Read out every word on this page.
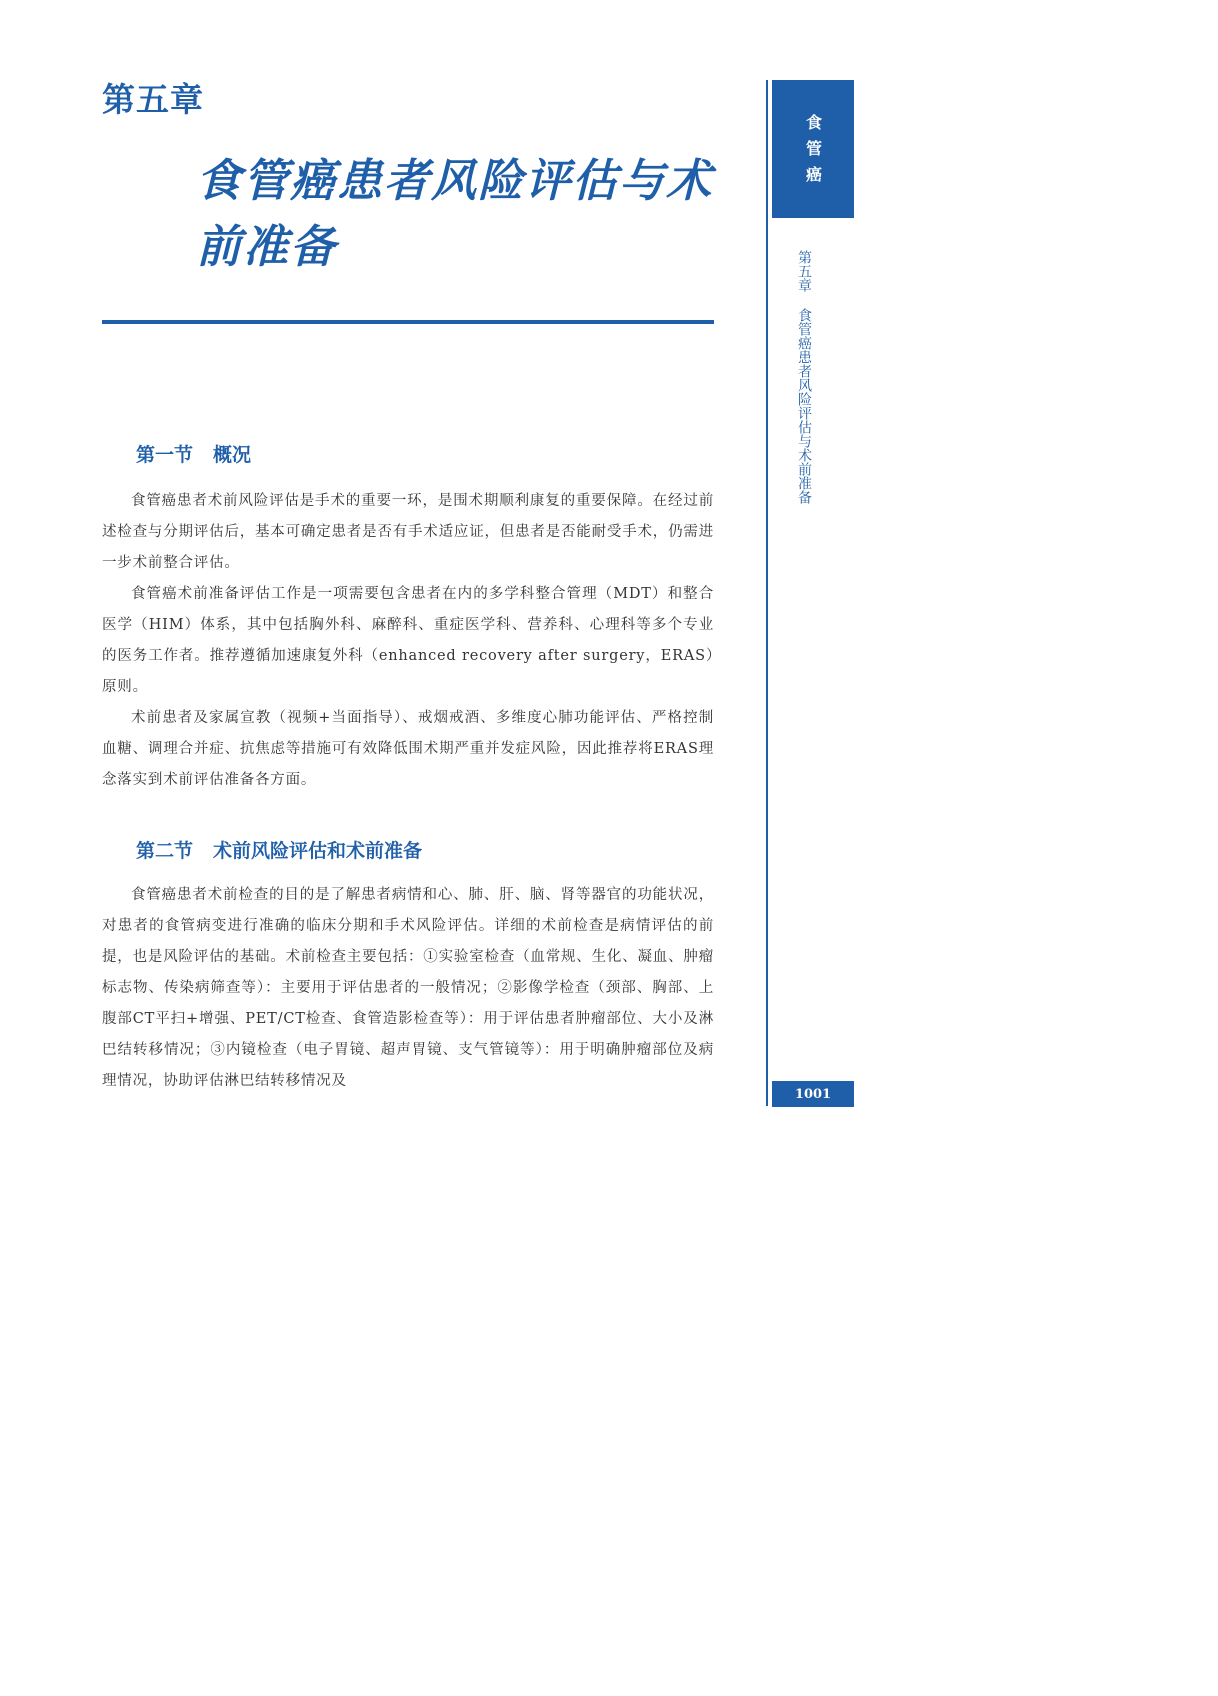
第五章
食管癌患者风险评估与术前准备
第一节 概况

食管癌患者术前风险评估是手术的重要一环，是围术期顺利康复的重要保障。在经过前述检查与分期评估后，基本可确定患者是否有手术适应证，但患者是否能耐受手术，仍需进一步术前整合评估。

食管癌术前准备评估工作是一项需要包含患者在内的多学科整合管理（MDT）和整合医学（HIM）体系，其中包括胸外科、麻醉科、重症医学科、营养科、心理科等多个专业的医务工作者。推荐遵循加速康复外科（enhanced recovery after surgery，ERAS）原则。

术前患者及家属宣教（视频+当面指导）、戒烟戒酒、多维度心肺功能评估、严格控制血糖、调理合并症、抗焦虑等措施可有效降低围术期严重并发症风险，因此推荐将ERAS理念落实到术前评估准备各方面。

第二节 术前风险评估和术前准备

食管癌患者术前检查的目的是了解患者病情和心、肺、肝、脑、肾等器官的功能状况，对患者的食管病变进行准确的临床分期和手术风险评估。详细的术前检查是病情评估的前提，也是风险评估的基础。术前检查主要包括：①实验室检查（血常规、生化、凝血、肿瘤标志物、传染病筛查等）：主要用于评估患者的一般情况；②影像学检查（颈部、胸部、上腹部CT平扫+增强、PET/CT检查、食管造影检查等）：用于评估患者肿瘤部位、大小及淋巴结转移情况；③内镜检查（电子胃镜、超声胃镜、支气管镜等）：用于明确肿瘤部位及病理情况，协助评估淋巴结转移情况及

食管癌
第五章食管癌患者风险评估与术前准备
1001
